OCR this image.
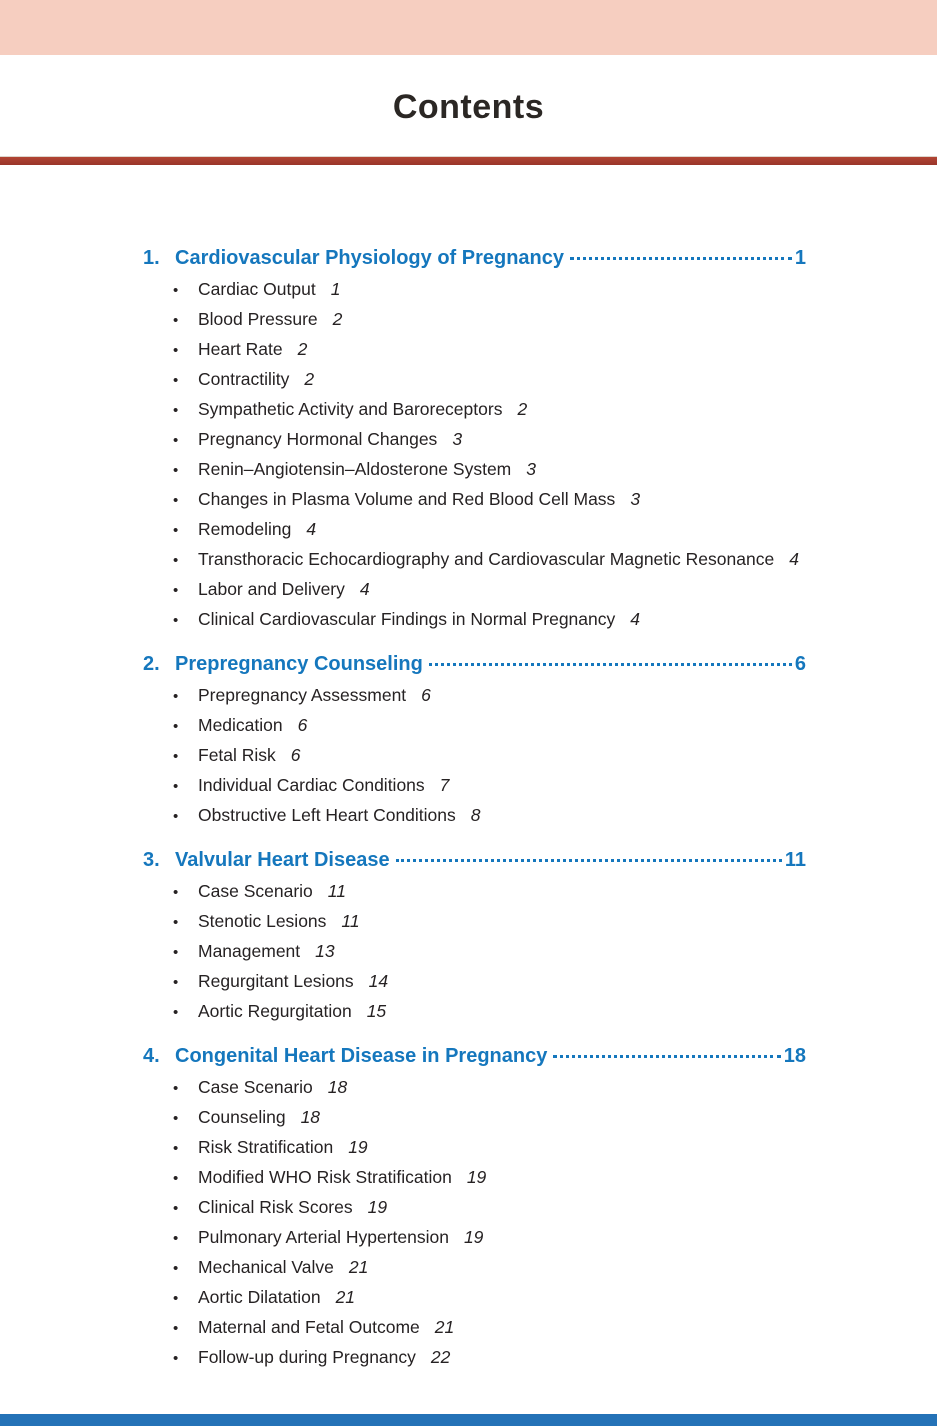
Contents
1. Cardiovascular Physiology of Pregnancy	1
•	Cardiac Output 1
•	Blood Pressure 2
•	Heart Rate 2
•	Contractility 2
•	Sympathetic Activity and Baroreceptors 2
•	Pregnancy Hormonal Changes 3
•	Renin–Angiotensin–Aldosterone System 3
•	Changes in Plasma Volume and Red Blood Cell Mass 3
•	Remodeling 4
•	Transthoracic Echocardiography and Cardiovascular Magnetic Resonance 4
•	Labor and Delivery 4
•	Clinical Cardiovascular Findings in Normal Pregnancy 4
2. Prepregnancy Counseling	6
•	Prepregnancy Assessment 6
•	Medication 6
•	Fetal Risk 6
•	Individual Cardiac Conditions 7
•	Obstructive Left Heart Conditions 8
3. Valvular Heart Disease	11
•	Case Scenario 11
•	Stenotic Lesions 11
•	Management 13
•	Regurgitant Lesions 14
•	Aortic Regurgitation 15
4. Congenital Heart Disease in Pregnancy	18
•	Case Scenario 18
•	Counseling 18
•	Risk Stratification 19
•	Modified WHO Risk Stratification 19
•	Clinical Risk Scores 19
•	Pulmonary Arterial Hypertension 19
•	Mechanical Valve 21
•	Aortic Dilatation 21
•	Maternal and Fetal Outcome 21
•	Follow-up during Pregnancy 22
